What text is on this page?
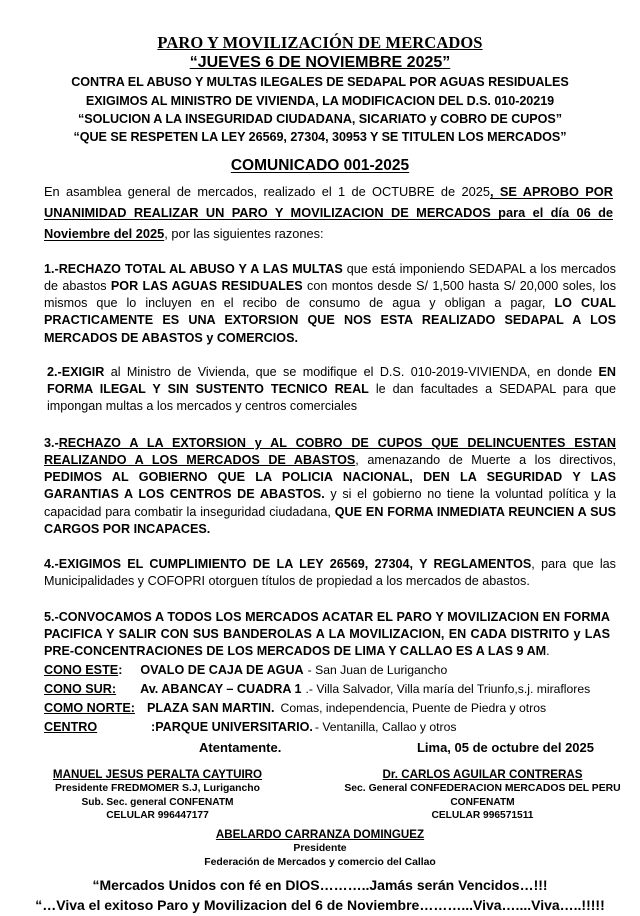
PARO Y MOVILIZACIÓN DE MERCADOS
“JUEVES 6 DE NOVIEMBRE 2025”
CONTRA EL ABUSO Y MULTAS ILEGALES DE SEDAPAL POR AGUAS RESIDUALES
EXIGIMOS AL MINISTRO DE VIVIENDA, LA MODIFICACION DEL D.S. 010-20219
“SOLUCION A LA INSEGURIDAD CIUDADANA, SICARIATO y COBRO DE CUPOS”
“QUE SE RESPETEN LA LEY 26569, 27304, 30953 Y SE TITULEN LOS MERCADOS”
COMUNICADO 001-2025
En asamblea general de mercados, realizado el 1 de OCTUBRE de 2025, SE APROBO POR UNANIMIDAD REALIZAR UN PARO Y MOVILIZACION DE MERCADOS para el día 06 de Noviembre del 2025, por las siguientes razones:
1.-RECHAZO TOTAL AL ABUSO Y A LAS MULTAS que está imponiendo SEDAPAL a los mercados de abastos POR LAS AGUAS RESIDUALES con montos desde S/ 1,500 hasta S/ 20,000 soles, los mismos que lo incluyen en el recibo de consumo de agua y obligan a pagar, LO CUAL PRACTICAMENTE ES UNA EXTORSION QUE NOS ESTA REALIZADO SEDAPAL A LOS MERCADOS DE ABASTOS y COMERCIOS.
2.-EXIGIR al Ministro de Vivienda, que se modifique el D.S. 010-2019-VIVIENDA, en donde EN FORMA ILEGAL Y SIN SUSTENTO TECNICO REAL le dan facultades a SEDAPAL para que impongan multas a los mercados y centros comerciales
3.-RECHAZO A LA EXTORSION y AL COBRO DE CUPOS QUE DELINCUENTES ESTAN REALIZANDO A LOS MERCADOS DE ABASTOS, amenazando de Muerte a los directivos, PEDIMOS AL GOBIERNO QUE LA POLICIA NACIONAL, DEN LA SEGURIDAD Y LAS GARANTIAS A LOS CENTROS DE ABASTOS. y si el gobierno no tiene la voluntad política y la capacidad para combatir la inseguridad ciudadana, QUE EN FORMA INMEDIATA REUNCIEN A SUS CARGOS POR INCAPACES.
4.-EXIGIMOS EL CUMPLIMIENTO DE LA LEY 26569, 27304, Y REGLAMENTOS, para que las Municipalidades y COFOPRI otorguen títulos de propiedad a los mercados de abastos.
5.-CONVOCAMOS A TODOS LOS MERCADOS ACATAR EL PARO Y MOVILIZACION EN FORMA PACIFICA Y SALIR CON SUS BANDEROLAS A LA MOVILIZACION, EN CADA DISTRITO y LAS PRE-CONCENTRACIONES DE LOS MERCADOS DE LIMA Y CALLAO ES A LAS 9 AM.
CONO ESTE : OVALO DE CAJA DE AGUA - San Juan de Lurigancho
CONO SUR: Av. ABANCAY – CUADRA 1 .- Villa Salvador, Villa maría del Triunfo,s.j. miraflores
COMO NORTE: PLAZA SAN MARTIN. Comas, independencia, Puente de Piedra y otros
CENTRO	: PARQUE UNIVERSITARIO. - Ventanilla, Callao y otros
Atentamente.	Lima, 05 de octubre del 2025
MANUEL JESUS PERALTA CAYTUIRO
Presidente FREDMOMER S.J, Lurigancho
Sub. Sec. general CONFENATM
CELULAR 996447177
Dr. CARLOS AGUILAR CONTRERAS
Sec. General CONFEDERACION MERCADOS DEL PERU
CONFENATM
CELULAR 996571511
ABELARDO CARRANZA DOMINGUEZ
Presidente
Federación de Mercados y comercio del Callao
“Mercados Unidos con fé en DIOS………..Jamás serán Vencidos…!!!
“…Viva el exitoso Paro y Movilizacion del 6 de Noviembre………...Viva…....Viva…..!!!!!
